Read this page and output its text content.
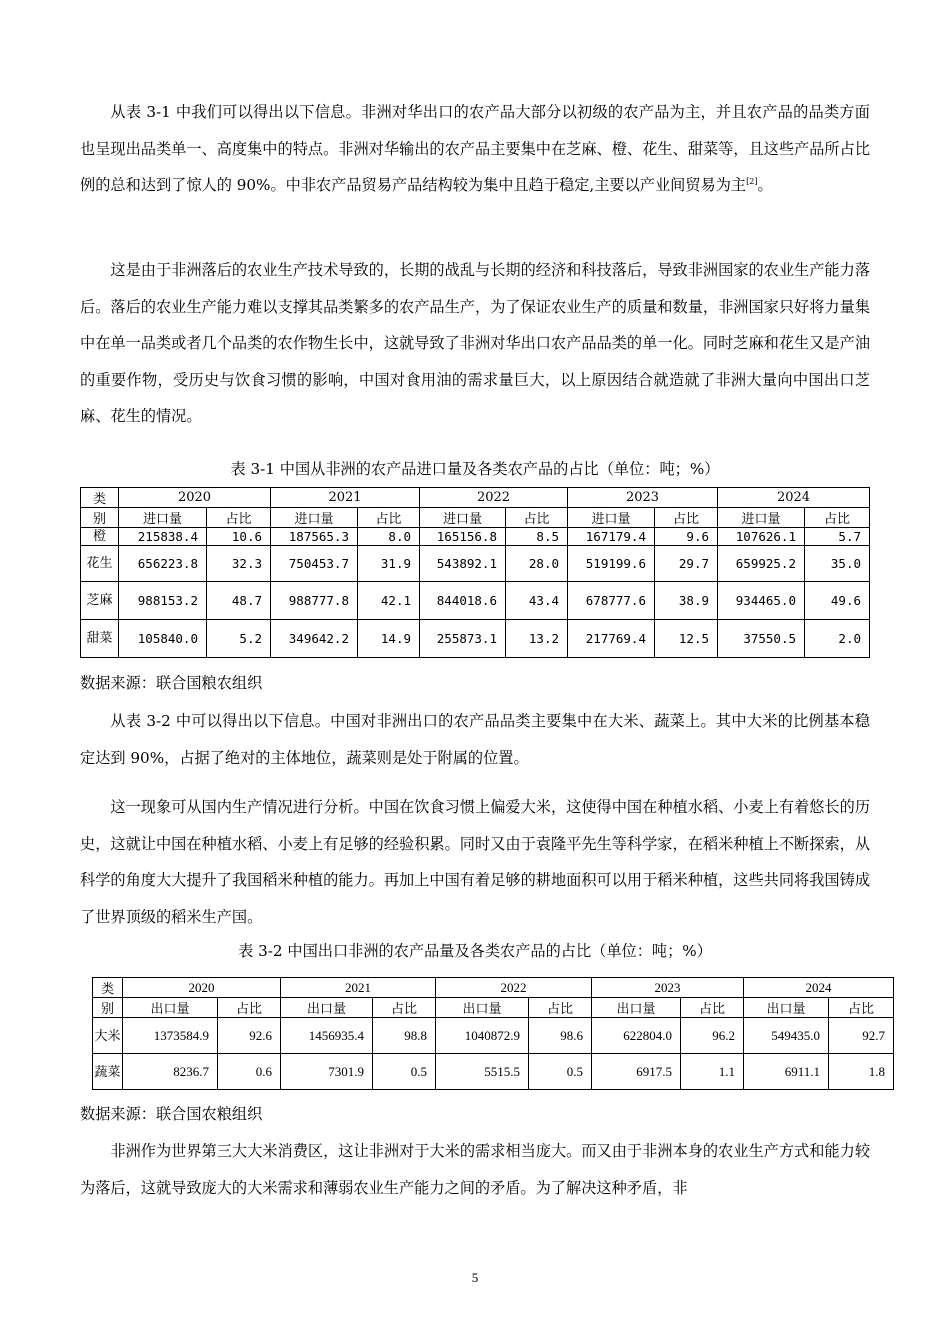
从表 3-1 中我们可以得出以下信息。非洲对华出口的农产品大部分以初级的农产品为主，并且农产品的品类方面也呈现出品类单一、高度集中的特点。非洲对华输出的农产品主要集中在芝麻、橙、花生、甜菜等，且这些产品所占比例的总和达到了惊人的 90%。中非农产品贸易产品结构较为集中且趋于稳定,主要以产业间贸易为主[2]。

这是由于非洲落后的农业生产技术导致的，长期的战乱与长期的经济和科技落后，导致非洲国家的农业生产能力落后。落后的农业生产能力难以支撑其品类繁多的农产品生产，为了保证农业生产的质量和数量，非洲国家只好将力量集中在单一品类或者几个品类的农作物生长中，这就导致了非洲对华出口农产品品类的单一化。同时芝麻和花生又是产油的重要作物，受历史与饮食习惯的影响，中国对食用油的需求量巨大，以上原因结合就造就了非洲大量向中国出口芝麻、花生的情况。

表 3-1 中国从非洲的农产品进口量及各类农产品的占比（单位：吨；%）

类	2020		2021		2022		2023		2024	
别	进口量	占比	进口量	占比	进口量	占比	进口量	占比	进口量	占比
橙	215838.4	10.6	187565.3	8.0	165156.8	8.5	167179.4	9.6	107626.1	5.7
花生	656223.8	32.3	750453.7	31.9	543892.1	28.0	519199.6	29.7	659925.2	35.0
芝麻	988153.2	48.7	988777.8	42.1	844018.6	43.4	678777.6	38.9	934465.0	49.6
甜菜	105840.0	5.2	349642.2	14.9	255873.1	13.2	217769.4	12.5	37550.5	2.0

数据来源：联合国粮农组织

从表 3-2 中可以得出以下信息。中国对非洲出口的农产品品类主要集中在大米、蔬菜上。其中大米的比例基本稳定达到 90%，占据了绝对的主体地位，蔬菜则是处于附属的位置。

这一现象可从国内生产情况进行分析。中国在饮食习惯上偏爱大米，这使得中国在种植水稻、小麦上有着悠长的历史，这就让中国在种植水稻、小麦上有足够的经验积累。同时又由于袁隆平先生等科学家，在稻米种植上不断探索，从科学的角度大大提升了我国稻米种植的能力。再加上中国有着足够的耕地面积可以用于稻米种植，这些共同将我国铸成了世界顶级的稻米生产国。

表 3-2 中国出口非洲的农产品量及各类农产品的占比（单位：吨；%）

类	2020		2021		2022		2023		2024	
别	出口量	占比	出口量	占比	出口量	占比	出口量	占比	出口量	占比
大米	1373584.9	92.6	1456935.4	98.8	1040872.9	98.6	622804.0	96.2	549435.0	92.7
蔬菜	8236.7	0.6	7301.9	0.5	5515.5	0.5	6917.5	1.1	6911.1	1.8

数据来源：联合国农粮组织

非洲作为世界第三大大米消费区，这让非洲对于大米的需求相当庞大。而又由于非洲本身的农业生产方式和能力较为落后，这就导致庞大的大米需求和薄弱农业生产能力之间的矛盾。为了解决这种矛盾，非

5
